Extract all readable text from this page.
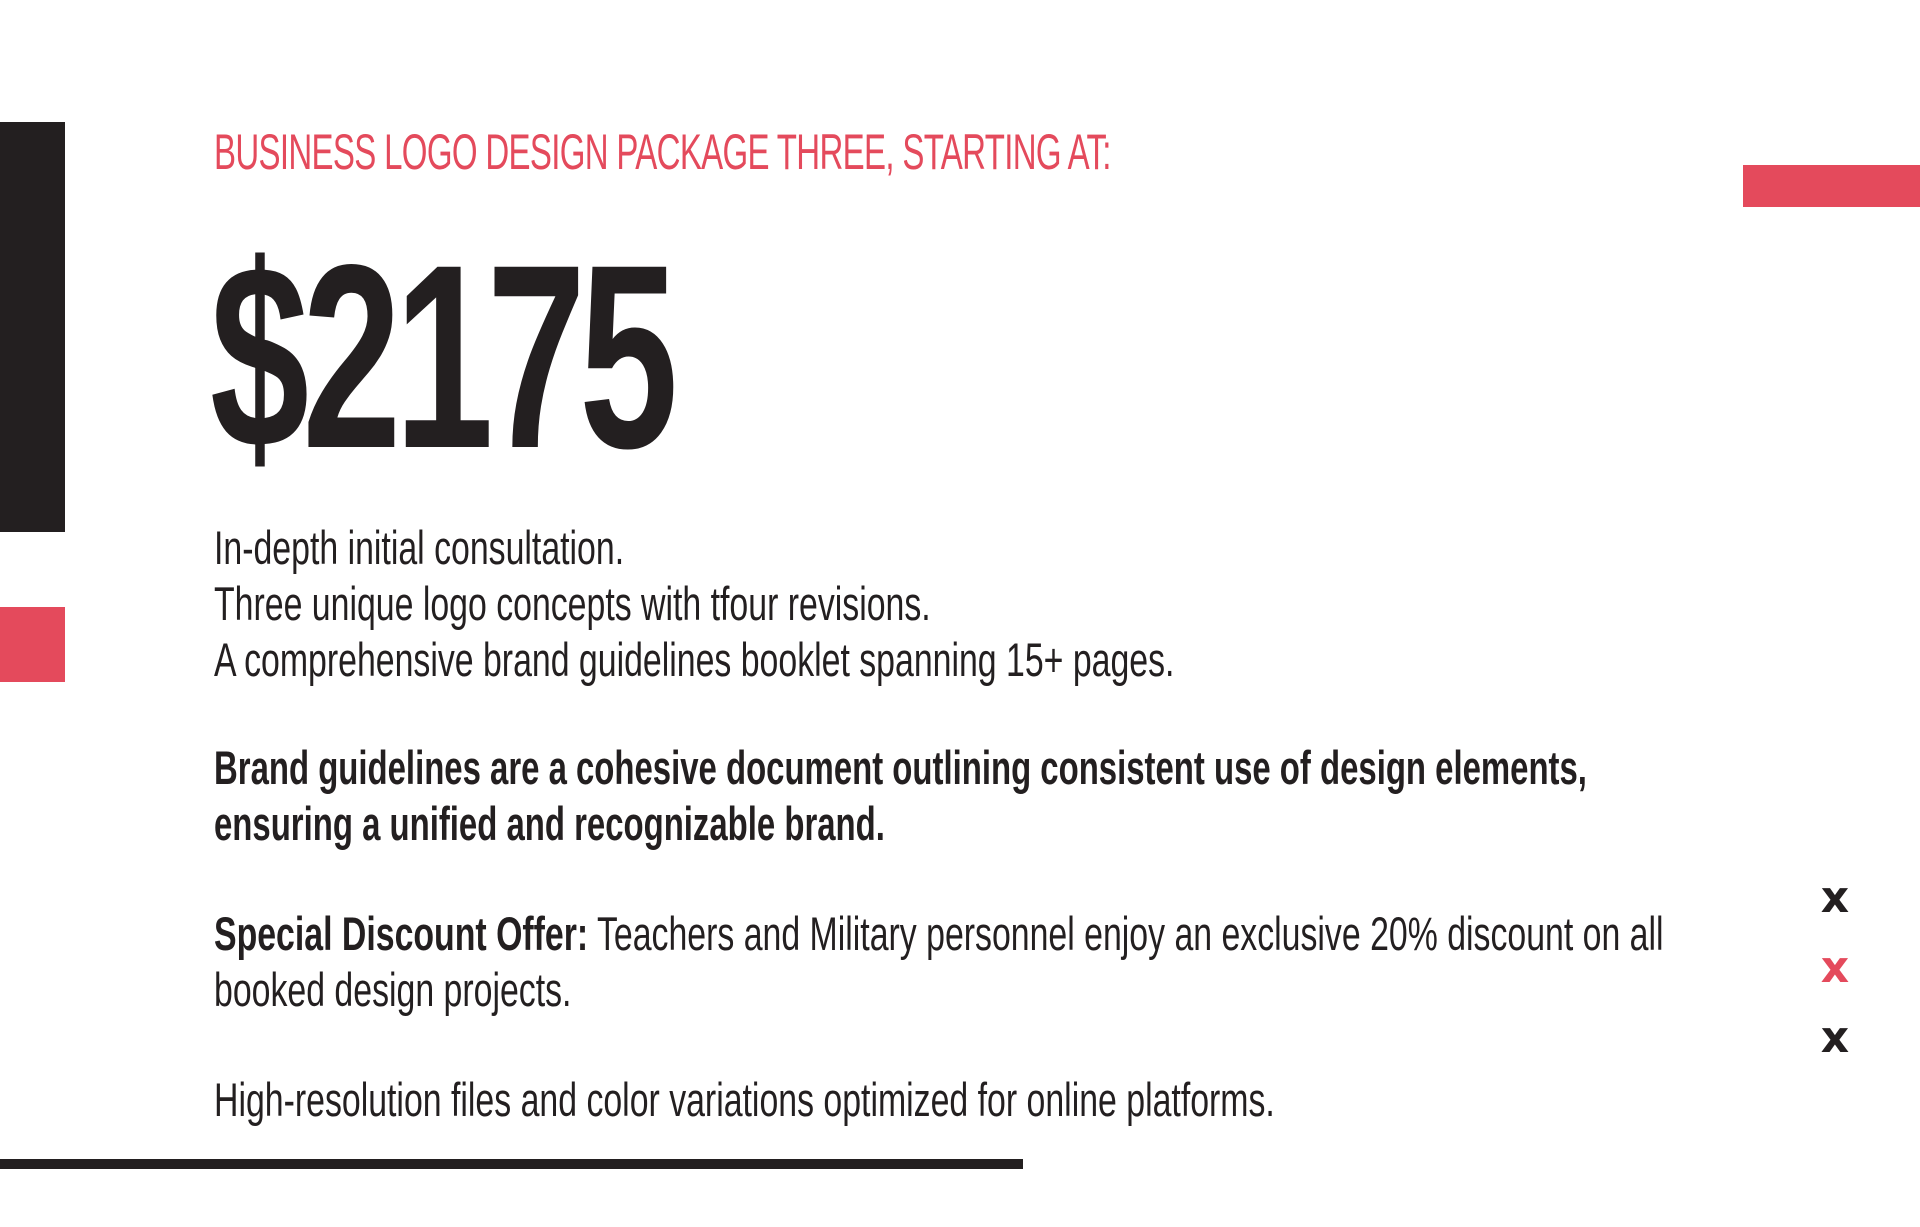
BUSINESS LOGO DESIGN PACKAGE THREE, STARTING AT:
$2175
In-depth initial consultation.
Three unique logo concepts with tfour revisions.
A comprehensive brand guidelines booklet spanning 15+ pages.
Brand guidelines are a cohesive document outlining consistent use of design elements,
ensuring a unified and recognizable brand.
Special Discount Offer: Teachers and Military personnel enjoy an exclusive 20% discount on all
booked design projects.
High-resolution files and color variations optimized for online platforms.
x
x
x
